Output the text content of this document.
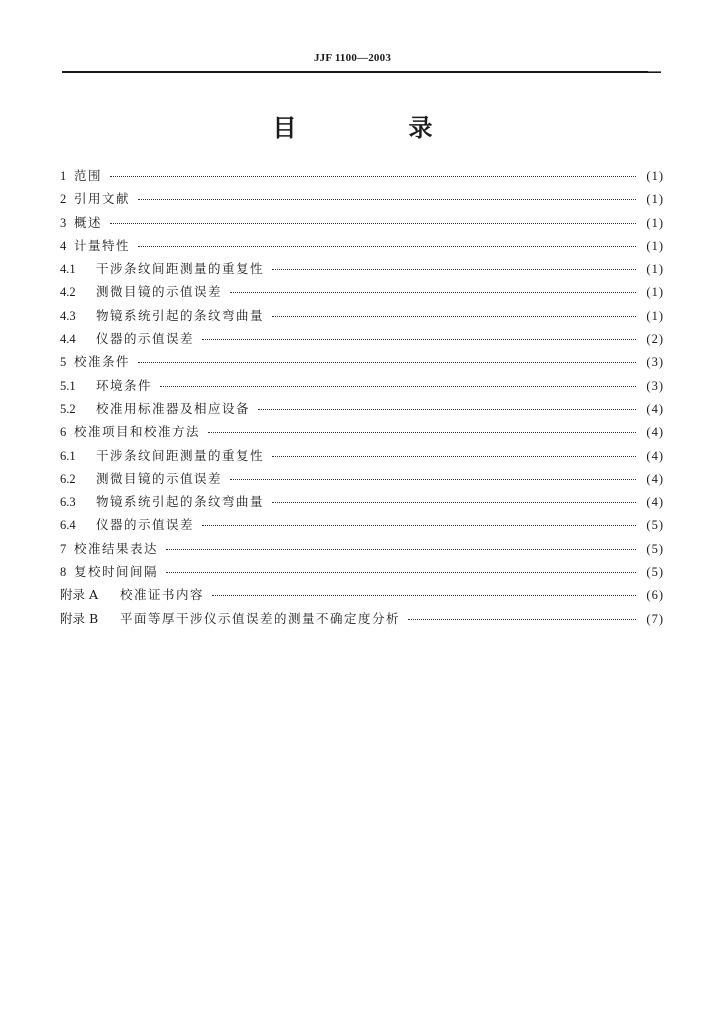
JJF 1100—2003
目　录
1 范围	(1)
2 引用文献	(1)
3 概述	(1)
4 计量特性	(1)
4.1	干涉条纹间距测量的重复性	(1)
4.2	测微目镜的示值误差	(1)
4.3	物镜系统引起的条纹弯曲量	(1)
4.4	仪器的示值误差	(2)
5 校准条件	(3)
5.1	环境条件	(3)
5.2	校准用标准器及相应设备	(4)
6 校准项目和校准方法	(4)
6.1	干涉条纹间距测量的重复性	(4)
6.2	测微目镜的示值误差	(4)
6.3	物镜系统引起的条纹弯曲量	(4)
6.4	仪器的示值误差	(5)
7 校准结果表达	(5)
8 复校时间间隔	(5)
附录 A	校准证书内容	(6)
附录 B	平面等厚干涉仪示值误差的测量不确定度分析	(7)
